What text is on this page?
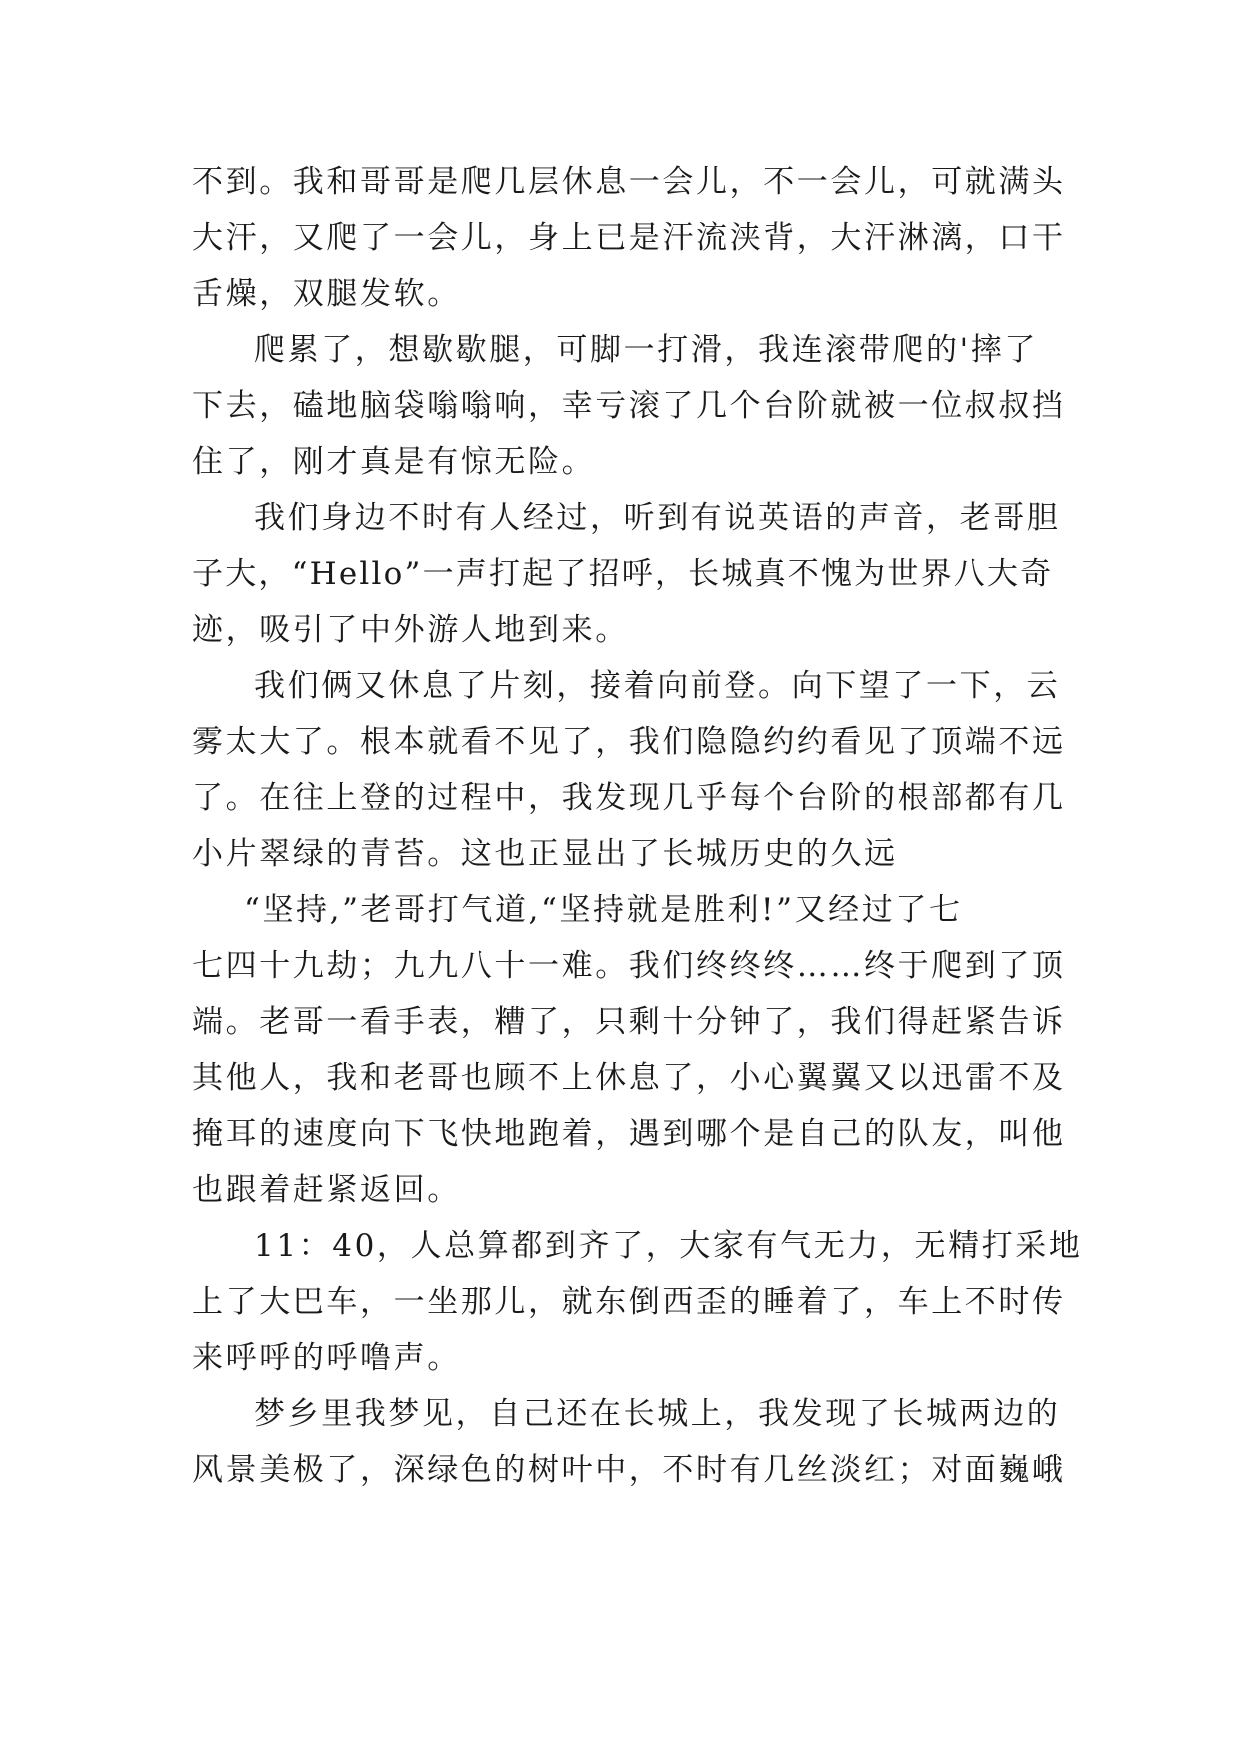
不到。我和哥哥是爬几层休息一会儿，不一会儿，可就满头
大汗，又爬了一会儿，身上已是汗流浃背，大汗淋漓，口干
舌燥，双腿发软。
爬累了，想歇歇腿，可脚一打滑，我连滚带爬的'摔了
下去，磕地脑袋嗡嗡响，幸亏滚了几个台阶就被一位叔叔挡
住了，刚才真是有惊无险。
我们身边不时有人经过，听到有说英语的声音，老哥胆
子大，“Hello”一声打起了招呼，长城真不愧为世界八大奇
迹，吸引了中外游人地到来。
我们俩又休息了片刻，接着向前登。向下望了一下，云
雾太大了。根本就看不见了，我们隐隐约约看见了顶端不远
了。在往上登的过程中，我发现几乎每个台阶的根部都有几
小片翠绿的青苔。这也正显出了长城历史的久远
“坚持,”老哥打气道,“坚持就是胜利!”又经过了七
七四十九劫；九九八十一难。我们终终终……终于爬到了顶
端。老哥一看手表，糟了，只剩十分钟了，我们得赶紧告诉
其他人，我和老哥也顾不上休息了，小心翼翼又以迅雷不及
掩耳的速度向下飞快地跑着，遇到哪个是自己的队友，叫他
也跟着赶紧返回。
11：40，人总算都到齐了，大家有气无力，无精打采地
上了大巴车，一坐那儿，就东倒西歪的睡着了，车上不时传
来呼呼的呼噜声。
梦乡里我梦见，自己还在长城上，我发现了长城两边的
风景美极了，深绿色的树叶中，不时有几丝淡红；对面巍峨
